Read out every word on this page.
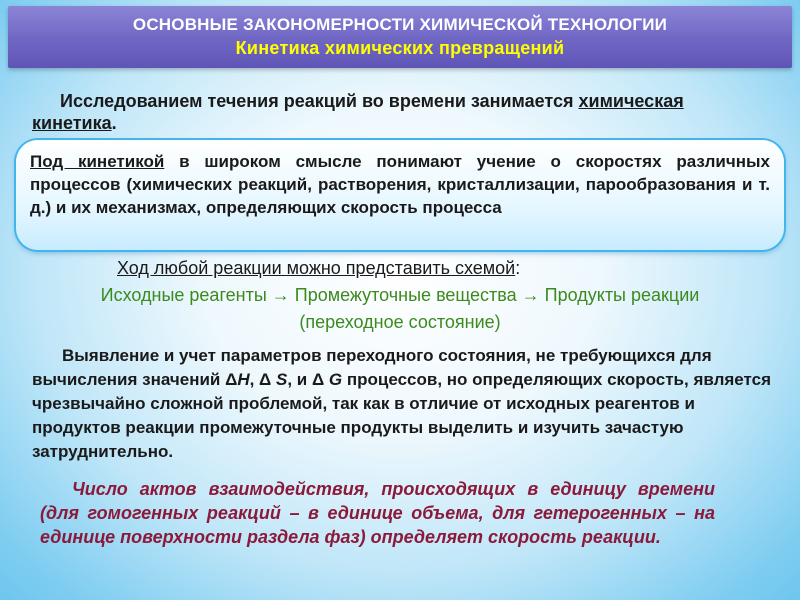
ОСНОВНЫЕ ЗАКОНОМЕРНОСТИ ХИМИЧЕСКОЙ ТЕХНОЛОГИИ
Кинетика химических превращений
Исследованием течения реакций во времени занимается химическая кинетика.
Под кинетикой в широком смысле понимают учение о скоростях различных процессов (химических реакций, растворения, кристаллизации, парообразования и т. д.) и их механизмах, определяющих скорость процесса
Ход любой реакции можно представить схемой:
Исходные реагенты → Промежуточные вещества → Продукты реакции
(переходное состояние)
Выявление и учет параметров переходного состояния, не требующихся для вычисления значений ΔH, Δ S, и Δ G процессов, но определяющих скорость, является чрезвычайно сложной проблемой, так как в отличие от исходных реагентов и продуктов реакции промежуточные продукты выделить и изучить зачастую затруднительно.
Число актов взаимодействия, происходящих в единицу времени (для гомогенных реакций – в единице объема, для гетерогенных – на единице поверхности раздела фаз) определяет скорость реакции.
